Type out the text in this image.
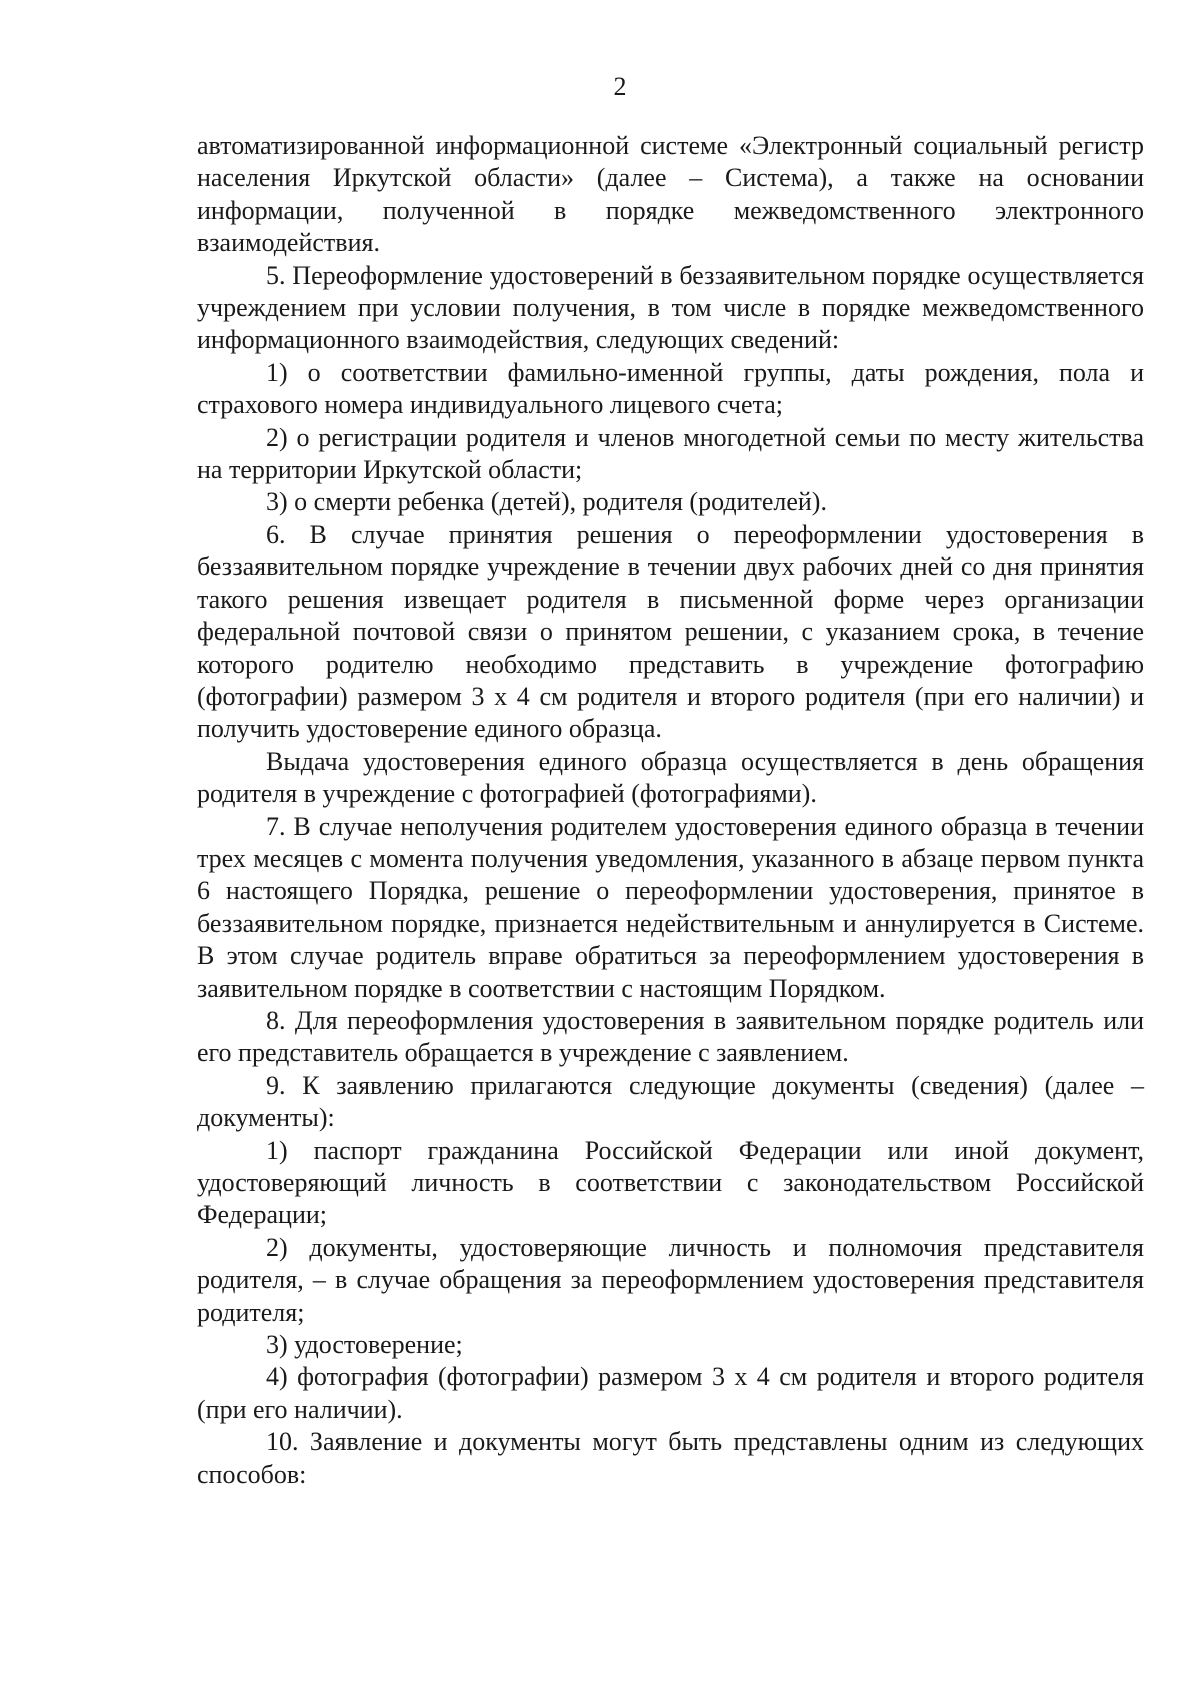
2

автоматизированной информационной системе «Электронный социальный регистр населения Иркутской области» (далее – Система), а также на основании информации, полученной в порядке межведомственного электронного взаимодействия.

5. Переоформление удостоверений в беззаявительном порядке осуществляется учреждением при условии получения, в том числе в порядке межведомственного информационного взаимодействия, следующих сведений:

1) о соответствии фамильно-именной группы, даты рождения, пола и страхового номера индивидуального лицевого счета;

2) о регистрации родителя и членов многодетной семьи по месту жительства на территории Иркутской области;

3) о смерти ребенка (детей), родителя (родителей).

6. В случае принятия решения о переоформлении удостоверения в беззаявительном порядке учреждение в течении двух рабочих дней со дня принятия такого решения извещает родителя в письменной форме через организации федеральной почтовой связи о принятом решении, с указанием срока, в течение которого родителю необходимо представить в учреждение фотографию (фотографии) размером 3 х 4 см родителя и второго родителя (при его наличии) и получить удостоверение единого образца.

Выдача удостоверения единого образца осуществляется в день обращения родителя в учреждение с фотографией (фотографиями).

7. В случае неполучения родителем удостоверения единого образца в течении трех месяцев с момента получения уведомления, указанного в абзаце первом пункта 6 настоящего Порядка, решение о переоформлении удостоверения, принятое в беззаявительном порядке, признается недействительным и аннулируется в Системе. В этом случае родитель вправе обратиться за переоформлением удостоверения в заявительном порядке в соответствии с настоящим Порядком.

8. Для переоформления удостоверения в заявительном порядке родитель или его представитель обращается в учреждение с заявлением.

9. К заявлению прилагаются следующие документы (сведения) (далее – документы):

1) паспорт гражданина Российской Федерации или иной документ, удостоверяющий личность в соответствии с законодательством Российской Федерации;

2) документы, удостоверяющие личность и полномочия представителя родителя, – в случае обращения за переоформлением удостоверения представителя родителя;

3) удостоверение;

4) фотография (фотографии) размером 3 х 4 см родителя и второго родителя (при его наличии).

10. Заявление и документы могут быть представлены одним из следующих способов:
